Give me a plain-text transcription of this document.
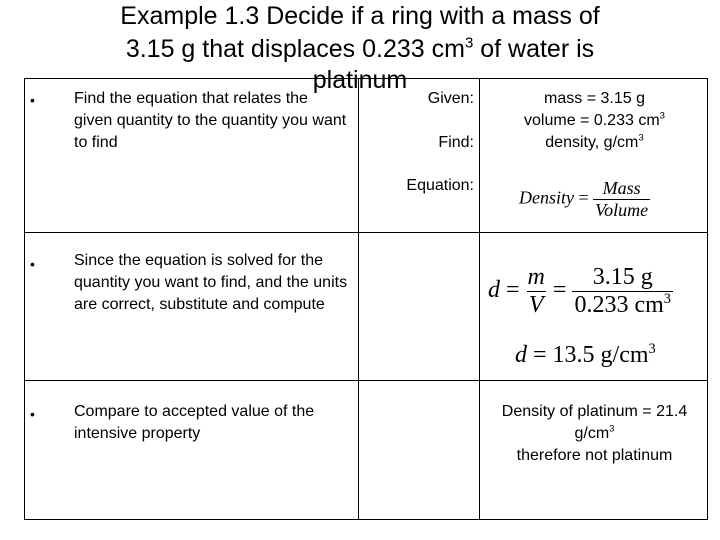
Example 1.3 Decide if a ring with a mass of
3.15 g that displaces 0.233 $cm^3$ of water is
platinum
• Find the equation that relates the given quantity to the quantity you want to find
Given:
Find:
Equation:
mass = 3.15 g
volume = 0.233 $cm^3$
density, $g/cm^3$
Density = $\frac{\text{Mass}}{\text{Volume}}$
• Since the equation is solved for the quantity you want to find, and the units are correct, substitute and compute
$d = \frac{m}{V} = \frac{3.15 g}{0.233 cm^3}$
d = 13.5 $g/cm^3$
• Compare to accepted value of the intensive property
Density of platinum = 21.4
$g/cm^3$
therefore not platinum
